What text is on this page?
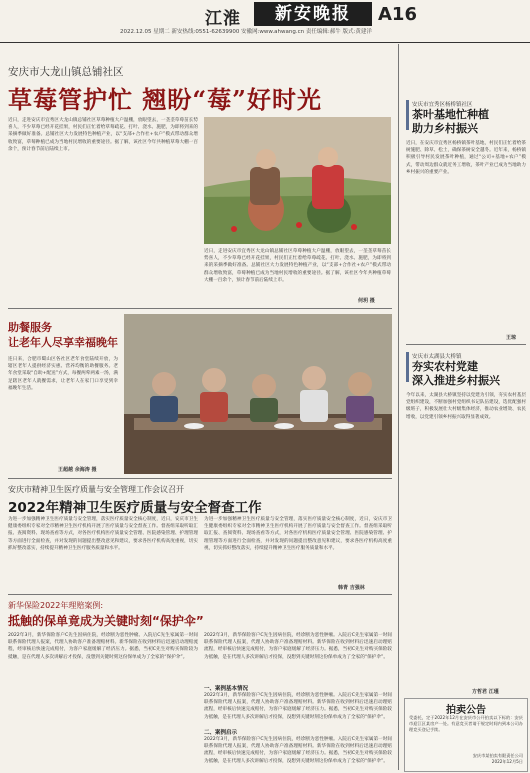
江淮	新安晚报	A16
2022.12.05 星期二 新安热线:0551-62639900 安徽网:www.ahwang.cn 责任编辑:郝牛 版式:黄建洋
安庆市大龙山镇总铺社区
草莓管护忙 翘盼“莓”好时光
近日，走进安庆市宜秀区大龙山镇总铺社区草莓种植大户温棚，放眼望去，一垄垄草莓苗长势喜人，不少草莓已经开花挂果，村民们正忙着给草莓疏花、打叶、浇水、施肥，为即将到来的采摘季做好准备。总铺社区大力发展特色种植产业，以“支部+合作社+农户”模式带动群众增收致富，草莓种植已成为当地村民增收的重要途径。据了解，该社区今年共种植草莓大棚一百余个，预计春节前后陆续上市。
近日，走进安庆市宜秀区大龙山镇总铺社区草莓种植大户温棚，放眼望去，一垄垄草莓苗长势喜人，不少草莓已经开花挂果，村民们正忙着给草莓疏花、打叶、浇水、施肥，为即将到来的采摘季做好准备。总铺社区大力发展特色种植产业，以“支部+合作社+农户”模式带动群众增收致富，草莓种植已成为当地村民增收的重要途径。据了解，该社区今年共种植草莓大棚一百余个，预计春节前后陆续上市。
何玥 摄
助餐服务
让老年人尽享幸福晚年
连日来，合肥市蜀山区各社区老年食堂陆续开放，为辖区老年人提供经济实惠、营养均衡的助餐服务。老年食堂采取“自助+配送”方式，每餐两荤两素一汤，满足辖区老年人就餐需求，让老年人在家门口享受到幸福晚年生活。
王超越 余海涛 摄
安庆市精神卫生医疗质量与安全管理工作会议召开
2022年精神卫生医疗质量与安全督查工作
为进一步加强精神卫生医疗质量与安全管理，落实医疗质量安全核心制度，近日，安庆市卫生健康委组织专家对全市精神卫生医疗机构开展了医疗质量与安全督查工作。督查组采取听取汇报、查阅资料、现场查看等方式，对各医疗机构医疗质量安全管理、医院感染管理、护理管理等方面进行全面检查，并对发现的问题提出整改意见和建议，要求各医疗机构高度重视，切实抓好整改落实，持续提升精神卫生医疗服务质量和水平。
为进一步加强精神卫生医疗质量与安全管理，落实医疗质量安全核心制度，近日，安庆市卫生健康委组织专家对全市精神卫生医疗机构开展了医疗质量与安全督查工作。督查组采取听取汇报、查阅资料、现场查看等方式，对各医疗机构医疗质量安全管理、医院感染管理、护理管理等方面进行全面检查，并对发现的问题提出整改意见和建议，要求各医疗机构高度重视，切实抓好整改落实，持续提升精神卫生医疗服务质量和水平。
韩青 吉强林
新华保险2022年理赔案例:
抵触的保单竟成为关键时刻“保护伞”
2022年3月，新华保险客户C先生因病住院，经诊断为恶性肿瘤。入院后C先生家属第一时间联系保险代理人报案，代理人协助客户准备理赔材料。新华保险在收到材料后迅速启动理赔流程，经审核后快速完成赔付，为客户家庭缓解了经济压力。据悉，当初C先生对购买保险较为抵触，是在代理人多次讲解后才投保，没想到关键时刻这份保单成为了全家的“保护伞”。
2022年3月，新华保险客户C先生因病住院，经诊断为恶性肿瘤。入院后C先生家属第一时间联系保险代理人报案，代理人协助客户准备理赔材料。新华保险在收到材料后迅速启动理赔流程，经审核后快速完成赔付，为客户家庭缓解了经济压力。据悉，当初C先生对购买保险较为抵触，是在代理人多次讲解后才投保，没想到关键时刻这份保单成为了全家的“保护伞”。
一、案例基本情况
2022年3月，新华保险客户C先生因病住院，经诊断为恶性肿瘤。入院后C先生家属第一时间联系保险代理人报案，代理人协助客户准备理赔材料。新华保险在收到材料后迅速启动理赔流程，经审核后快速完成赔付，为客户家庭缓解了经济压力。据悉，当初C先生对购买保险较为抵触，是在代理人多次讲解后才投保，没想到关键时刻这份保单成为了全家的“保护伞”。
二、案例启示
2022年3月，新华保险客户C先生因病住院，经诊断为恶性肿瘤。入院后C先生家属第一时间联系保险代理人报案，代理人协助客户准备理赔材料。新华保险在收到材料后迅速启动理赔流程，经审核后快速完成赔付，为客户家庭缓解了经济压力。据悉，当初C先生对购买保险较为抵触，是在代理人多次讲解后才投保，没想到关键时刻这份保单成为了全家的“保护伞”。
安庆市宜秀区杨桥镇社区
茶叶基地忙种植
助力乡村振兴
近日，在安庆市宜秀区杨桥镇茶叶基地，村民们正忙着给茶树施肥、除草、松土，确保茶树安全越冬。近年来，杨桥镇积极引导村民发展茶叶种植，通过“公司+基地+农户”模式，带动周边群众就近务工增收，茶叶产业已成为当地助力乡村振兴的重要产业。
王琼
安庆市太湖县大桥镇
夯实农村党建
深入推进乡村振兴
今年以来，太湖县大桥镇坚持以党建为引领，夯实农村基层党组织建设，不断加强村党组织书记队伍建设，选优配强村级班子，积极发展壮大村级集体经济，推动农业增效、农民增收，以党建引领乡村振兴取得显著成效。
方哲君 江瑾
拍卖公告
受委托，定于2022年12月在安庆市公开拍卖以下标的：安庆市迎江区某房产一处。有意竞买者请于规定时间内到本公司办理竞买登记手续。
安庆市某拍卖有限责任公司
2022年12月5日
